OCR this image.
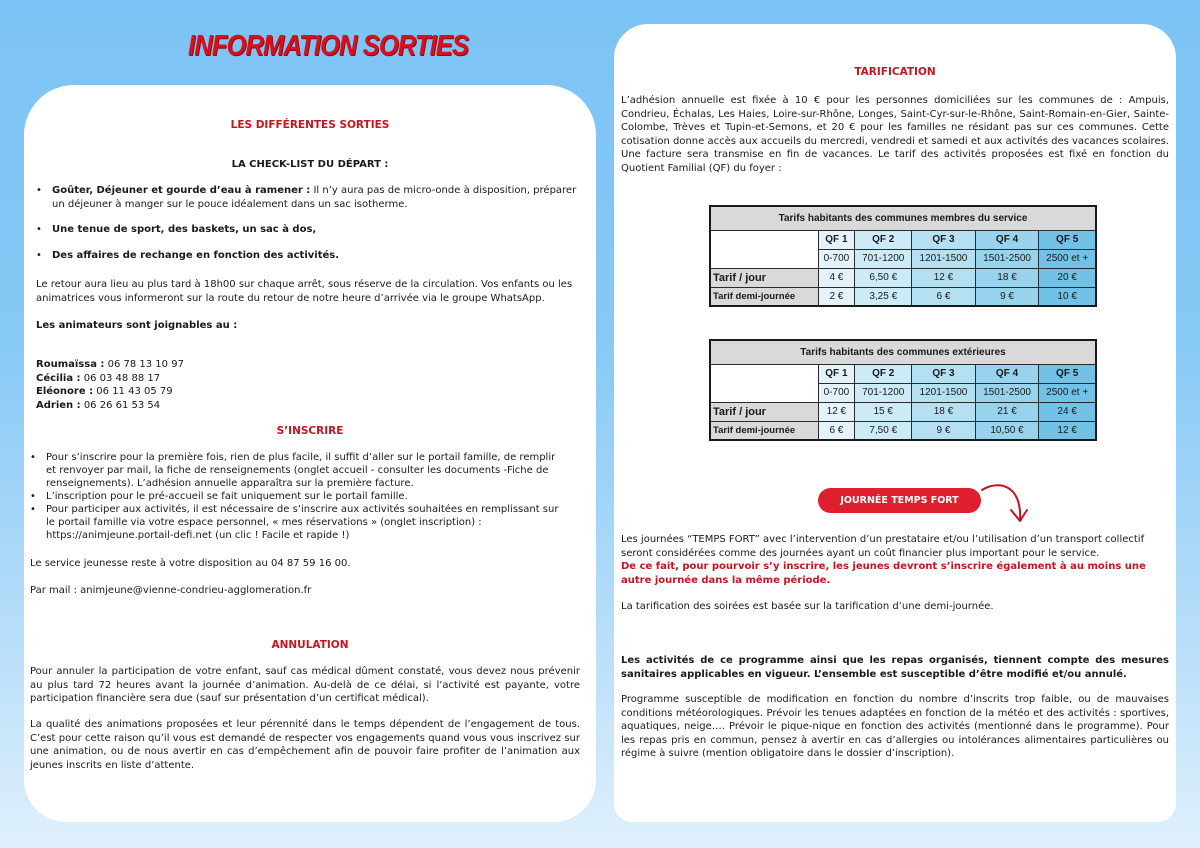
INFORMATION SORTIES
LES DIFFÉRENTES SORTIES
LA CHECK-LIST DU DÉPART :
• Goûter, Déjeuner et gourde d’eau à ramener : Il n’y aura pas de micro-onde à disposition, préparer un déjeuner à manger sur le pouce idéalement dans un sac isotherme.
• Une tenue de sport, des baskets, un sac à dos,
• Des affaires de rechange en fonction des activités.
Le retour aura lieu au plus tard à 18h00 sur chaque arrêt, sous réserve de la circulation. Vos enfants ou les animatrices vous informeront sur la route du retour de notre heure d’arrivée via le groupe WhatsApp.
Les animateurs sont joignables au :
Roumaïssa : 06 78 13 10 97
Cécilia : 06 03 48 88 17
Eléonore : 06 11 43 05 79
Adrien : 06 26 61 53 54
S’INSCRIRE
• Pour s’inscrire pour la première fois, rien de plus facile, il suffit d’aller sur le portail famille, de remplir et renvoyer par mail, la fiche de renseignements (onglet accueil - consulter les documents -Fiche de renseignements). L’adhésion annuelle apparaîtra sur la première facture.
• L’inscription pour le pré-accueil se fait uniquement sur le portail famille.
• Pour participer aux activités, il est nécessaire de s’inscrire aux activités souhaitées en remplissant sur le portail famille via votre espace personnel, « mes réservations » (onglet inscription) :
https://animjeune.portail-defi.net (un clic ! Facile et rapide !)
Le service jeunesse reste à votre disposition au 04 87 59 16 00.
Par mail : animjeune@vienne-condrieu-agglomeration.fr
ANNULATION
Pour annuler la participation de votre enfant, sauf cas médical dûment constaté, vous devez nous prévenir au plus tard 72 heures avant la journée d’animation. Au-delà de ce délai, si l’activité est payante, votre participation financière sera due (sauf sur présentation d’un certificat médical).
La qualité des animations proposées et leur pérennité dans le temps dépendent de l’engagement de tous. C’est pour cette raison qu’il vous est demandé de respecter vos engagements quand vous vous inscrivez sur une animation, ou de nous avertir en cas d’empêchement afin de pouvoir faire profiter de l’animation aux jeunes inscrits en liste d’attente.
TARIFICATION
L’adhésion annuelle est fixée à 10 € pour les personnes domiciliées sur les communes de : Ampuis, Condrieu, Échalas, Les Haies, Loire-sur-Rhône, Longes, Saint-Cyr-sur-le-Rhône, Saint-Romain-en-Gier, Sainte-Colombe, Trèves et Tupin-et-Semons, et 20 € pour les familles ne résidant pas sur ces communes. Cette cotisation donne accès aux accueils du mercredi, vendredi et samedi et aux activités des vacances scolaires. Une facture sera transmise en fin de vacances. Le tarif des activités proposées est fixé en fonction du Quotient Familial (QF) du foyer :
Tarifs habitants des communes membres du service					
	QF 1	QF 2	QF 3	QF 4	QF 5
	0-700	701-1200	1201-1500	1501-2500	2500 et +
Tarif / jour	4 €	6,50 €	12 €	18 €	20 €
Tarif demi-journée	2 €	3,25 €	6 €	9 €	10 €
Tarifs habitants des communes extérieures					
	QF 1	QF 2	QF 3	QF 4	QF 5
	0-700	701-1200	1201-1500	1501-2500	2500 et +
Tarif / jour	12 €	15 €	18 €	21 €	24 €
Tarif demi-journée	6 €	7,50 €	9 €	10,50 €	12 €
JOURNÉE TEMPS FORT
Les journées “TEMPS FORT” avec l’intervention d’un prestataire et/ou l’utilisation d’un transport collectif seront considérées comme des journées ayant un coût financier plus important pour le service.
De ce fait, pour pourvoir s’y inscrire, les jeunes devront s’inscrire également à au moins une autre journée dans la même période.
La tarification des soirées est basée sur la tarification d’une demi-journée.
Les activités de ce programme ainsi que les repas organisés, tiennent compte des mesures sanitaires applicables en vigueur. L’ensemble est susceptible d’être modifié et/ou annulé.
Programme susceptible de modification en fonction du nombre d’inscrits trop faible, ou de mauvaises conditions météorologiques. Prévoir les tenues adaptées en fonction de la météo et des activités : sportives, aquatiques, neige…. Prévoir le pique-nique en fonction des activités (mentionné dans le programme). Pour les repas pris en commun, pensez à avertir en cas d’allergies ou intolérances alimentaires particulières ou régime à suivre (mention obligatoire dans le dossier d’inscription).
